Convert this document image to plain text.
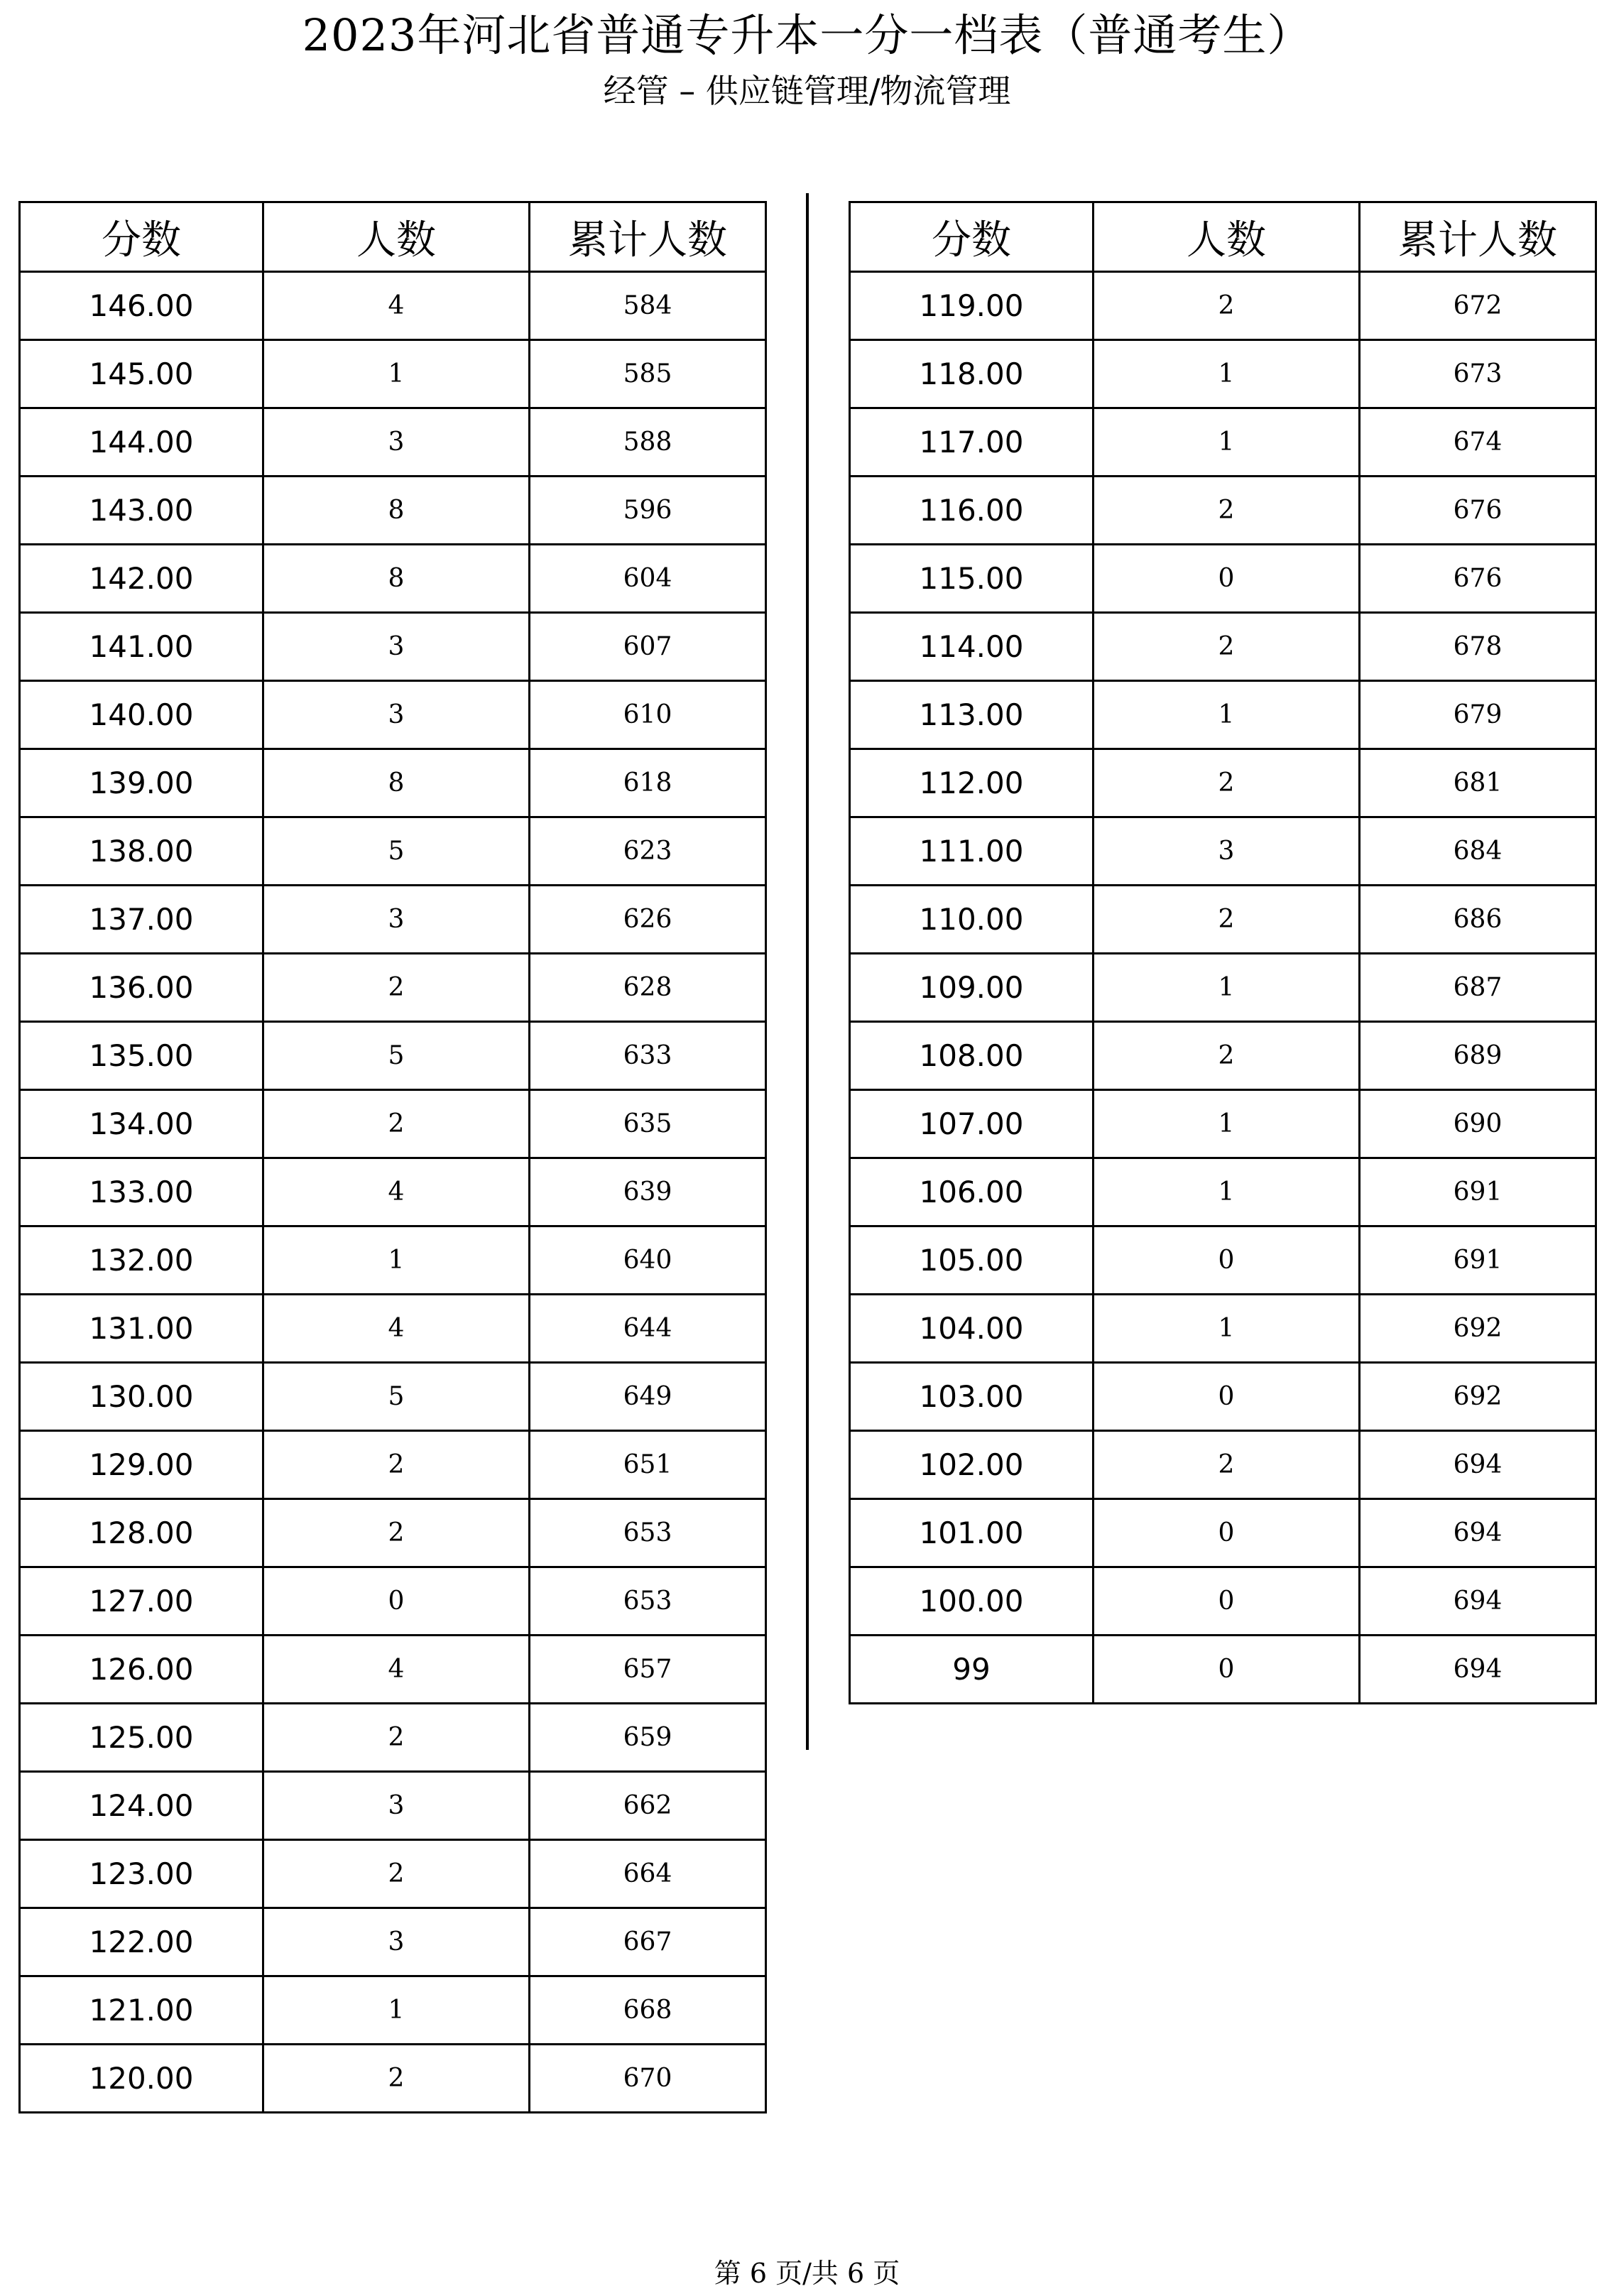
2023年河北省普通专升本一分一档表（普通考生）
经管 – 供应链管理/物流管理
分数	人数	累计人数
146.00	4	584
145.00	1	585
144.00	3	588
143.00	8	596
142.00	8	604
141.00	3	607
140.00	3	610
139.00	8	618
138.00	5	623
137.00	3	626
136.00	2	628
135.00	5	633
134.00	2	635
133.00	4	639
132.00	1	640
131.00	4	644
130.00	5	649
129.00	2	651
128.00	2	653
127.00	0	653
126.00	4	657
125.00	2	659
124.00	3	662
123.00	2	664
122.00	3	667
121.00	1	668
120.00	2	670
分数	人数	累计人数
119.00	2	672
118.00	1	673
117.00	1	674
116.00	2	676
115.00	0	676
114.00	2	678
113.00	1	679
112.00	2	681
111.00	3	684
110.00	2	686
109.00	1	687
108.00	2	689
107.00	1	690
106.00	1	691
105.00	0	691
104.00	1	692
103.00	0	692
102.00	2	694
101.00	0	694
100.00	0	694
99	0	694
第 6 页/共 6 页
